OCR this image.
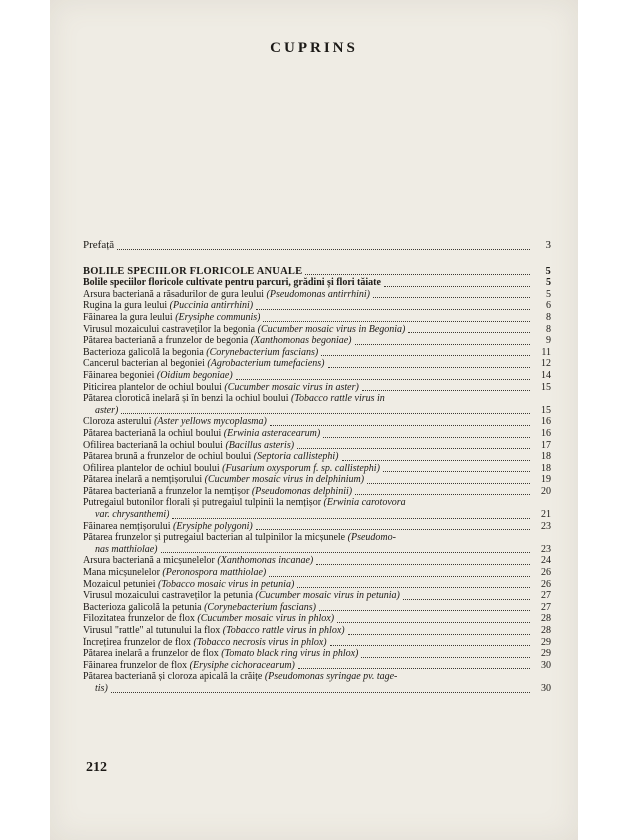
CUPRINS
Prefață	3
BOLILE SPECIILOR FLORICOLE ANUALE	5
Bolile speciilor floricole cultivate pentru parcuri, grădini și flori tăiate	5
Arsura bacteriană a răsadurilor de gura leului (Pseudomonas antirrhini)	5
Rugina la gura leului (Puccinia antirrhini)	6
Făinarea la gura leului (Erysiphe communis)	8
Virusul mozaicului castraveților la begonia (Cucumber mosaic virus in Begonia)	8
Pătarea bacteriană a frunzelor de begonia (Xanthomonas begoniae)	9
Bacterioza galicolă la begonia (Corynebacterium fascians)	11
Cancerul bacterian al begoniei (Agrobacterium tumefaciens)	12
Făinarea begoniei (Oidium begoniae)	14
Piticirea plantelor de ochiul boului (Cucumber mosaic virus in aster)	15
Pătarea clorotică inelară și în benzi la ochiul boului (Tobacco rattle virus in
aster)	15
Cloroza asterului (Aster yellows mycoplasma)	16
Pătarea bacteriană la ochiul boului (Erwinia asteracearum)	16
Ofilirea bacteriană la ochiul boului (Bacillus asteris)	17
Pătarea brună a frunzelor de ochiul boului (Septoria callistephi)	18
Ofilirea plantelor de ochiul boului (Fusarium oxysporum f. sp. callistephi)	18
Pătarea inelară a nemțișorului (Cucumber mosaic virus in delphinium)	19
Pătarea bacteriană a frunzelor la nemțișor (Pseudomonas delphinii)	20
Putregaiul butonilor florali și putregaiul tulpinii la nemțișor (Erwinia carotovora
var. chrysanthemi)	21
Făinarea nemțișorului (Erysiphe polygoni)	23
Pătarea frunzelor și putregaiul bacterian al tulpinilor la micșunele (Pseudomo-
nas matthiolae)	23
Arsura bacteriană a micșunelelor (Xanthomonas incanae)	24
Mana micșunelelor (Peronospora matthiolae)	26
Mozaicul petuniei (Tobacco mosaic virus in petunia)	26
Virusul mozaicului castraveților la petunia (Cucumber mosaic virus in petunia)	27
Bacterioza galicolă la petunia (Corynebacterium fascians)	27
Filozitatea frunzelor de flox (Cucumber mosaic virus in phlox)	28
Virusul "rattle" al tutunului la flox (Tobacco rattle virus in phlox)	28
Încrețirea frunzelor de flox (Tobacco necrosis virus in phlox)	29
Pătarea inelară a frunzelor de flox (Tomato black ring virus in phlox)	29
Făinarea frunzelor de flox (Erysiphe cichoracearum)	30
Pătarea bacteriană și cloroza apicală la crăițe (Pseudomonas syringae pv. tage-
tis)	30
212
